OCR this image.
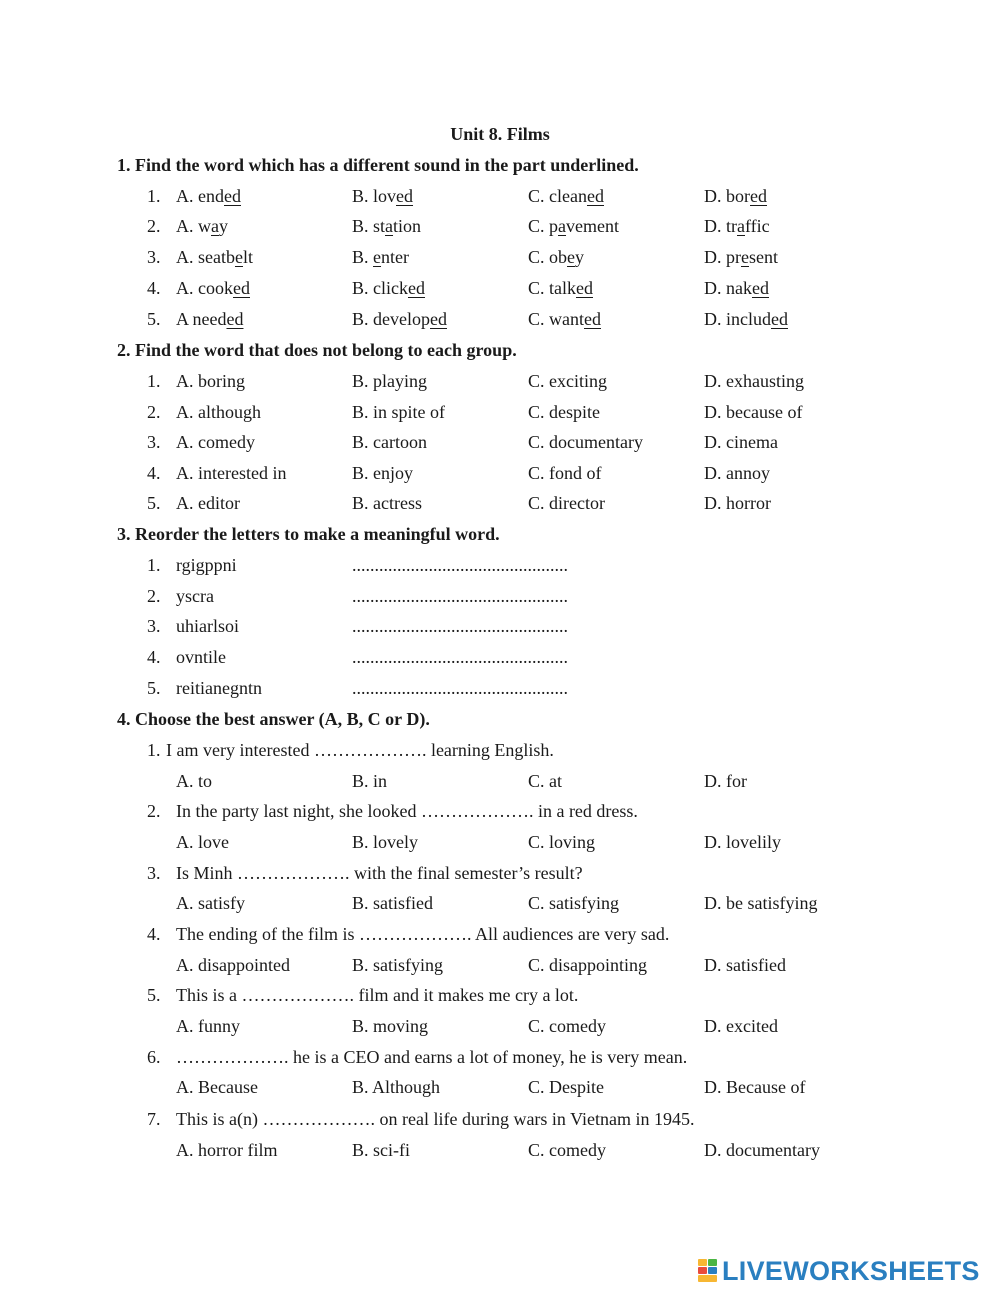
Unit 8. Films
1. Find the word which has a different sound in the part underlined.
1. A. ended	B. loved	C. cleaned	D. bored
2. A. way	B. station	C. pavement	D. traffic
3. A. seatbelt	B. enter	C. obey	D. present
4. A. cooked	B. clicked	C. talked	D. naked
5. A needed	B. developed	C. wanted	D. included
2. Find the word that does not belong to each group.
1. A. boring	B. playing	C. exciting	D. exhausting
2. A. although	B. in spite of	C. despite	D. because of
3. A. comedy	B. cartoon	C. documentary	D. cinema
4. A. interested in	B. enjoy	C. fond of	D. annoy
5. A. editor	B. actress	C. director	D. horror
3. Reorder the letters to make a meaningful word.
1. rgigppni	................................................
2. yscra	................................................
3. uhiarlsoi	................................................
4. ovntile	................................................
5. reitianegntn	................................................
4. Choose the best answer (A, B, C or D).
1. I am very interested ………………. learning English.
A. to	B. in	C. at	D. for
2. In the party last night, she looked ………………. in a red dress.
A. love	B. lovely	C. loving	D. lovelily
3. Is Minh ………………. with the final semester’s result?
A. satisfy	B. satisfied	C. satisfying	D. be satisfying
4. The ending of the film is ………………. All audiences are very sad.
A. disappointed	B. satisfying	C. disappointing	D. satisfied
5. This is a ………………. film and it makes me cry a lot.
A. funny	B. moving	C. comedy	D. excited
6. ………………. he is a CEO and earns a lot of money, he is very mean.
A. Because	B. Although	C. Despite	D. Because of
7. This is a(n) ………………. on real life during wars in Vietnam in 1945.
A. horror film	B. sci-fi	C. comedy	D. documentary
LIVEWORKSHEETS
